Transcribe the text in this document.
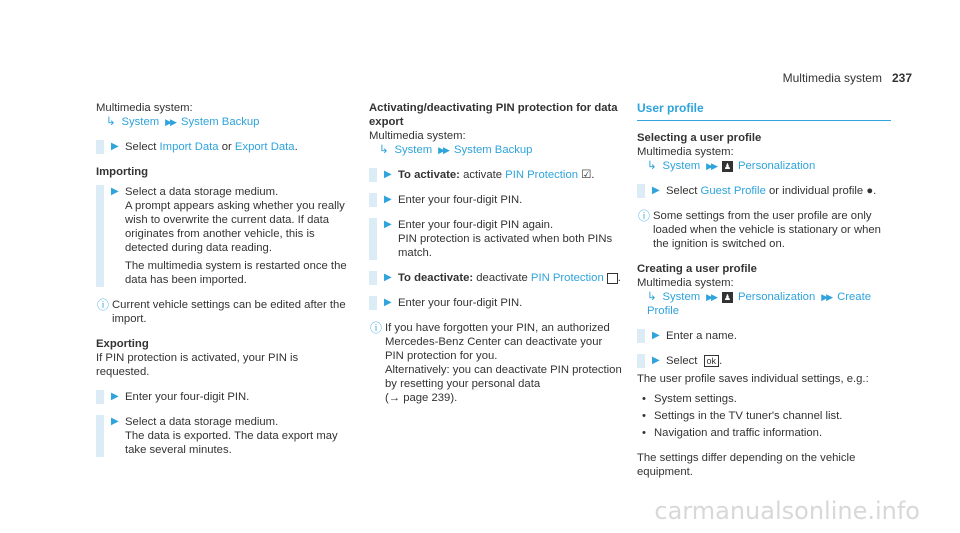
Multimedia system 237

Multimedia system:

↳ System ▶▶ System Backup

▶ Select Import Data or Export Data.

Importing

▶ Select a data storage medium.
A prompt appears asking whether you really wish to overwrite the current data. If data originates from another vehicle, this is detected during data reading.
The multimedia system is restarted once the data has been imported.
ⓘ Current vehicle settings can be edited after the import.

Exporting

If PIN protection is activated, your PIN is requested.

▶ Enter your four-digit PIN.
▶ Select a data storage medium.
The data is exported. The data export may take several minutes.

Activating/deactivating PIN protection for data export

Multimedia system:

↳ System ▶▶ System Backup

▶ To activate: activate PIN Protection ☑.
▶ Enter your four-digit PIN.
▶ Enter your four-digit PIN again.
PIN protection is activated when both PINs match.
▶ To deactivate: deactivate PIN Protection .
▶ Enter your four-digit PIN.
ⓘ If you have forgotten your PIN, an authorized Mercedes-Benz Center can deactivate your PIN protection for you.
Alternatively: you can deactivate PIN protection by resetting your personal data
(→ page 239).
User profile

Selecting a user profile

Multimedia system:

↳ System ▶▶ ♟ Personalization

▶ Select Guest Profile or individual profile ●.
ⓘ Some settings from the user profile are only loaded when the vehicle is stationary or when the ignition is switched on.

Creating a user profile

Multimedia system:

↳ System ▶▶ ♟ Personalization ▶▶ Create Profile

▶ Enter a name.
▶ Select ok .

The user profile saves individual settings, e.g.:

• System settings.
• Settings in the TV tuner's channel list.
• Navigation and traffic information.

The settings differ depending on the vehicle equipment.

carmanualsonline.info
